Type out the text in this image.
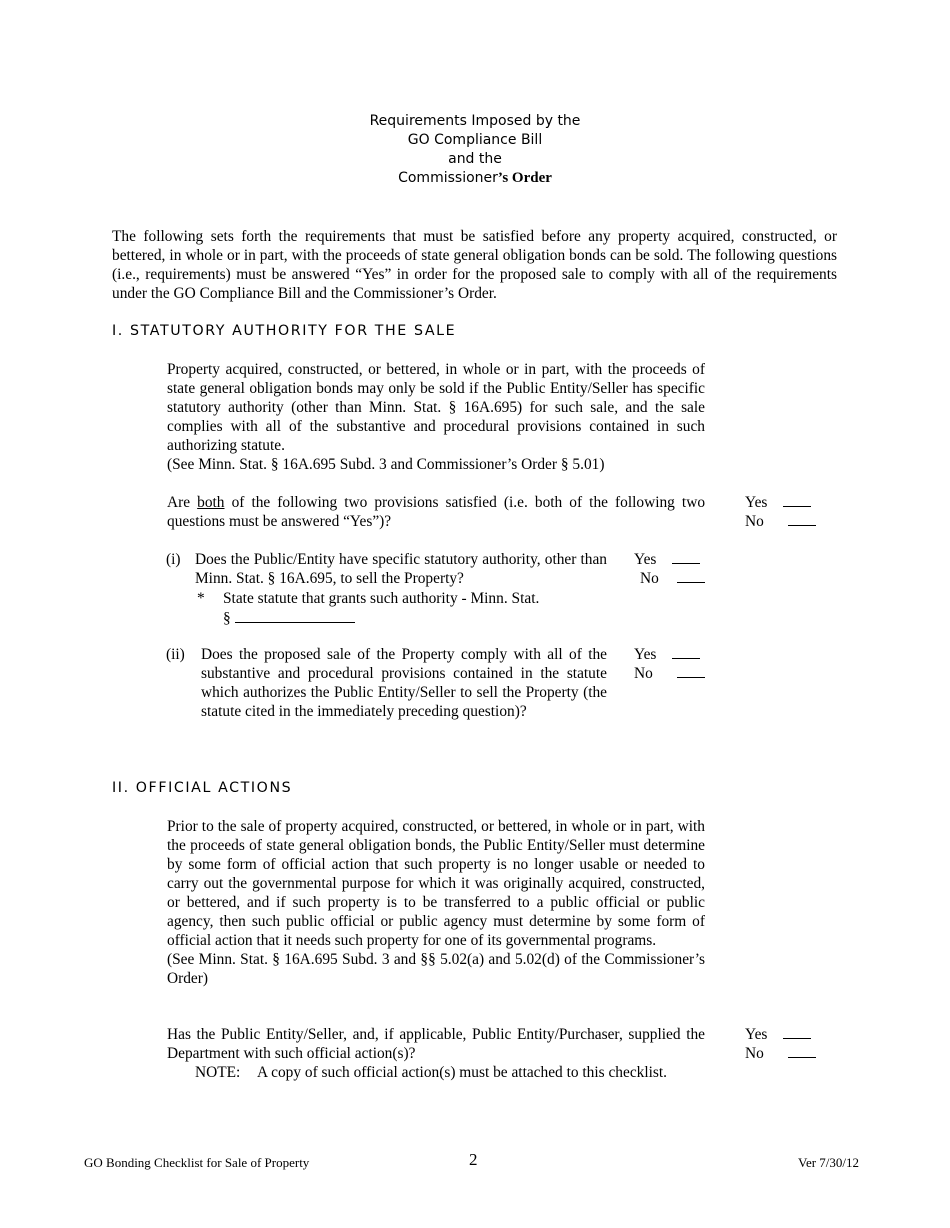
Requirements Imposed by the
GO Compliance Bill
and the
Commissioner’s Order
The following sets forth the requirements that must be satisfied before any property acquired, constructed, or bettered, in whole or in part, with the proceeds of state general obligation bonds can be sold. The following questions (i.e., requirements) must be answered “Yes” in order for the proposed sale to comply with all of the requirements under the GO Compliance Bill and the Commissioner’s Order.
I. STATUTORY AUTHORITY FOR THE SALE
Property acquired, constructed, or bettered, in whole or in part, with the proceeds of state general obligation bonds may only be sold if the Public Entity/Seller has specific statutory authority (other than Minn. Stat. § 16A.695) for such sale, and the sale complies with all of the substantive and procedural provisions contained in such authorizing statute.
(See Minn. Stat. § 16A.695 Subd. 3 and Commissioner’s Order § 5.01)
Are both of the following two provisions satisfied (i.e. both of the following two questions must be answered “Yes”)?
Yes
No
(i) Does the Public/Entity have specific statutory authority, other than Minn. Stat. § 16A.695, to sell the Property?
* State statute that grants such authority - Minn. Stat.
§
Yes
No
(ii) Does the proposed sale of the Property comply with all of the substantive and procedural provisions contained in the statute which authorizes the Public Entity/Seller to sell the Property (the statute cited in the immediately preceding question)?
Yes
No
II. OFFICIAL ACTIONS
Prior to the sale of property acquired, constructed, or bettered, in whole or in part, with the proceeds of state general obligation bonds, the Public Entity/Seller must determine by some form of official action that such property is no longer usable or needed to carry out the governmental purpose for which it was originally acquired, constructed, or bettered, and if such property is to be transferred to a public official or public agency, then such public official or public agency must determine by some form of official action that it needs such property for one of its governmental programs.
(See Minn. Stat. § 16A.695 Subd. 3 and §§ 5.02(a) and 5.02(d) of the Commissioner’s Order)
Has the Public Entity/Seller, and, if applicable, Public Entity/Purchaser, supplied the Department with such official action(s)?
NOTE: A copy of such official action(s) must be attached to this checklist.
Yes
No
GO Bonding Checklist for Sale of Property	2	Ver 7/30/12
